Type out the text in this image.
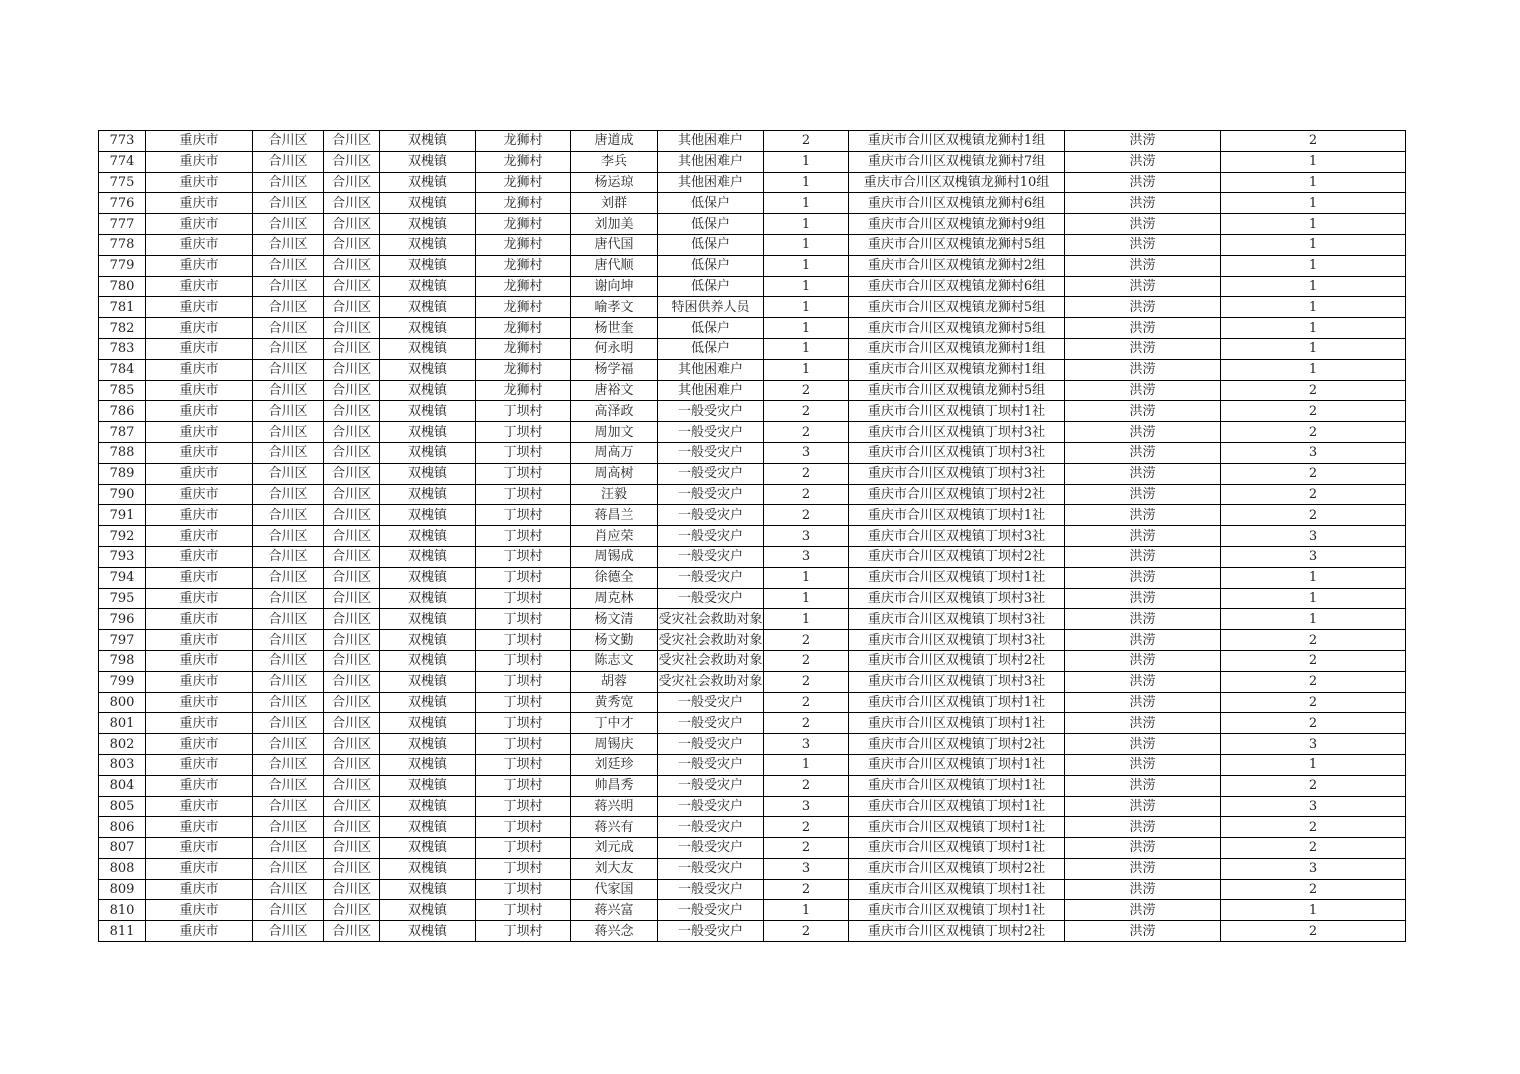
773	重庆市	合川区	合川区	双槐镇	龙狮村	唐道成	其他困难户	2	重庆市合川区双槐镇龙狮村1组	洪涝	2
774	重庆市	合川区	合川区	双槐镇	龙狮村	李兵	其他困难户	1	重庆市合川区双槐镇龙狮村7组	洪涝	1
775	重庆市	合川区	合川区	双槐镇	龙狮村	杨运琼	其他困难户	1	重庆市合川区双槐镇龙狮村10组	洪涝	1
776	重庆市	合川区	合川区	双槐镇	龙狮村	刘群	低保户	1	重庆市合川区双槐镇龙狮村6组	洪涝	1
777	重庆市	合川区	合川区	双槐镇	龙狮村	刘加美	低保户	1	重庆市合川区双槐镇龙狮村9组	洪涝	1
778	重庆市	合川区	合川区	双槐镇	龙狮村	唐代国	低保户	1	重庆市合川区双槐镇龙狮村5组	洪涝	1
779	重庆市	合川区	合川区	双槐镇	龙狮村	唐代顺	低保户	1	重庆市合川区双槐镇龙狮村2组	洪涝	1
780	重庆市	合川区	合川区	双槐镇	龙狮村	谢向坤	低保户	1	重庆市合川区双槐镇龙狮村6组	洪涝	1
781	重庆市	合川区	合川区	双槐镇	龙狮村	喻孝文	特困供养人员	1	重庆市合川区双槐镇龙狮村5组	洪涝	1
782	重庆市	合川区	合川区	双槐镇	龙狮村	杨世奎	低保户	1	重庆市合川区双槐镇龙狮村5组	洪涝	1
783	重庆市	合川区	合川区	双槐镇	龙狮村	何永明	低保户	1	重庆市合川区双槐镇龙狮村1组	洪涝	1
784	重庆市	合川区	合川区	双槐镇	龙狮村	杨学福	其他困难户	1	重庆市合川区双槐镇龙狮村1组	洪涝	1
785	重庆市	合川区	合川区	双槐镇	龙狮村	唐裕文	其他困难户	2	重庆市合川区双槐镇龙狮村5组	洪涝	2
786	重庆市	合川区	合川区	双槐镇	丁坝村	高泽政	一般受灾户	2	重庆市合川区双槐镇丁坝村1社	洪涝	2
787	重庆市	合川区	合川区	双槐镇	丁坝村	周加文	一般受灾户	2	重庆市合川区双槐镇丁坝村3社	洪涝	2
788	重庆市	合川区	合川区	双槐镇	丁坝村	周高万	一般受灾户	3	重庆市合川区双槐镇丁坝村3社	洪涝	3
789	重庆市	合川区	合川区	双槐镇	丁坝村	周高树	一般受灾户	2	重庆市合川区双槐镇丁坝村3社	洪涝	2
790	重庆市	合川区	合川区	双槐镇	丁坝村	汪毅	一般受灾户	2	重庆市合川区双槐镇丁坝村2社	洪涝	2
791	重庆市	合川区	合川区	双槐镇	丁坝村	蒋昌兰	一般受灾户	2	重庆市合川区双槐镇丁坝村1社	洪涝	2
792	重庆市	合川区	合川区	双槐镇	丁坝村	肖应荣	一般受灾户	3	重庆市合川区双槐镇丁坝村3社	洪涝	3
793	重庆市	合川区	合川区	双槐镇	丁坝村	周锡成	一般受灾户	3	重庆市合川区双槐镇丁坝村2社	洪涝	3
794	重庆市	合川区	合川区	双槐镇	丁坝村	徐德全	一般受灾户	1	重庆市合川区双槐镇丁坝村1社	洪涝	1
795	重庆市	合川区	合川区	双槐镇	丁坝村	周克林	一般受灾户	1	重庆市合川区双槐镇丁坝村3社	洪涝	1
796	重庆市	合川区	合川区	双槐镇	丁坝村	杨文清	受灾社会救助对象	1	重庆市合川区双槐镇丁坝村3社	洪涝	1
797	重庆市	合川区	合川区	双槐镇	丁坝村	杨文勤	受灾社会救助对象	2	重庆市合川区双槐镇丁坝村3社	洪涝	2
798	重庆市	合川区	合川区	双槐镇	丁坝村	陈志文	受灾社会救助对象	2	重庆市合川区双槐镇丁坝村2社	洪涝	2
799	重庆市	合川区	合川区	双槐镇	丁坝村	胡蓉	受灾社会救助对象	2	重庆市合川区双槐镇丁坝村3社	洪涝	2
800	重庆市	合川区	合川区	双槐镇	丁坝村	黄秀宽	一般受灾户	2	重庆市合川区双槐镇丁坝村1社	洪涝	2
801	重庆市	合川区	合川区	双槐镇	丁坝村	丁中才	一般受灾户	2	重庆市合川区双槐镇丁坝村1社	洪涝	2
802	重庆市	合川区	合川区	双槐镇	丁坝村	周锡庆	一般受灾户	3	重庆市合川区双槐镇丁坝村2社	洪涝	3
803	重庆市	合川区	合川区	双槐镇	丁坝村	刘廷珍	一般受灾户	1	重庆市合川区双槐镇丁坝村1社	洪涝	1
804	重庆市	合川区	合川区	双槐镇	丁坝村	帅昌秀	一般受灾户	2	重庆市合川区双槐镇丁坝村1社	洪涝	2
805	重庆市	合川区	合川区	双槐镇	丁坝村	蒋兴明	一般受灾户	3	重庆市合川区双槐镇丁坝村1社	洪涝	3
806	重庆市	合川区	合川区	双槐镇	丁坝村	蒋兴有	一般受灾户	2	重庆市合川区双槐镇丁坝村1社	洪涝	2
807	重庆市	合川区	合川区	双槐镇	丁坝村	刘元成	一般受灾户	2	重庆市合川区双槐镇丁坝村1社	洪涝	2
808	重庆市	合川区	合川区	双槐镇	丁坝村	刘大友	一般受灾户	3	重庆市合川区双槐镇丁坝村2社	洪涝	3
809	重庆市	合川区	合川区	双槐镇	丁坝村	代家国	一般受灾户	2	重庆市合川区双槐镇丁坝村1社	洪涝	2
810	重庆市	合川区	合川区	双槐镇	丁坝村	蒋兴富	一般受灾户	1	重庆市合川区双槐镇丁坝村1社	洪涝	1
811	重庆市	合川区	合川区	双槐镇	丁坝村	蒋兴念	一般受灾户	2	重庆市合川区双槐镇丁坝村2社	洪涝	2
